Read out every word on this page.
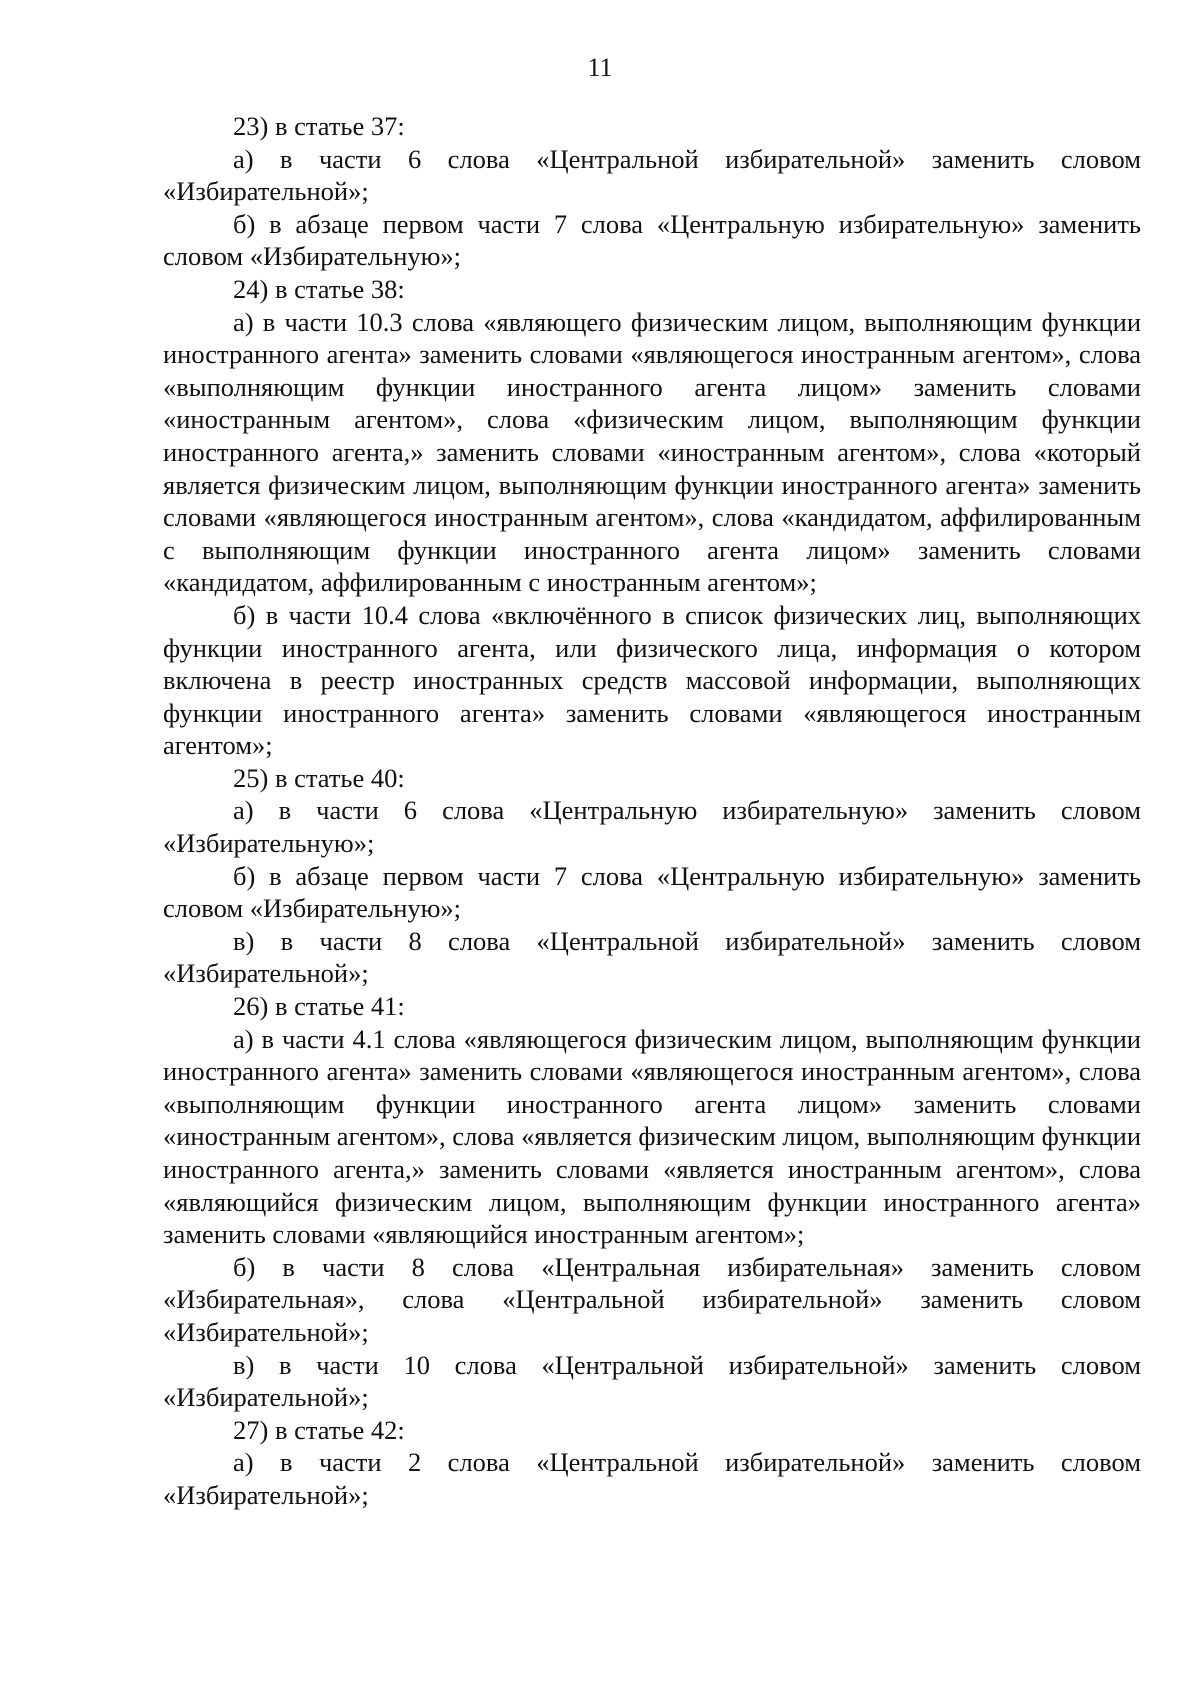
11

23) в статье 37:

а) в части 6 слова «Центральной избирательной» заменить словом «Избирательной»;

б) в абзаце первом части 7 слова «Центральную избирательную» заменить словом «Избирательную»;

24) в статье 38:

а) в части 10.3 слова «являющего физическим лицом, выполняющим функции иностранного агента» заменить словами «являющегося иностранным агентом», слова «выполняющим функции иностранного агента лицом» заменить словами «иностранным агентом», слова «физическим лицом, выполняющим функции иностранного агента,» заменить словами «иностранным агентом», слова «который является физическим лицом, выполняющим функции иностранного агента» заменить словами «являющегося иностранным агентом», слова «кандидатом, аффилированным с выполняющим функции иностранного агента лицом» заменить словами «кандидатом, аффилированным с иностранным агентом»;

б) в части 10.4 слова «включённого в список физических лиц, выполняющих функции иностранного агента, или физического лица, информация о котором включена в реестр иностранных средств массовой информации, выполняющих функции иностранного агента» заменить словами «являющегося иностранным агентом»;

25) в статье 40:

а) в части 6 слова «Центральную избирательную» заменить словом «Избирательную»;

б) в абзаце первом части 7 слова «Центральную избирательную» заменить словом «Избирательную»;

в) в части 8 слова «Центральной избирательной» заменить словом «Избирательной»;

26) в статье 41:

а) в части 4.1 слова «являющегося физическим лицом, выполняющим функции иностранного агента» заменить словами «являющегося иностранным агентом», слова «выполняющим функции иностранного агента лицом» заменить словами «иностранным агентом», слова «является физическим лицом, выполняющим функции иностранного агента,» заменить словами «является иностранным агентом», слова «являющийся физическим лицом, выполняющим функции иностранного агента» заменить словами «являющийся иностранным агентом»;

б) в части 8 слова «Центральная избирательная» заменить словом «Избирательная», слова «Центральной избирательной» заменить словом «Избирательной»;

в) в части 10 слова «Центральной избирательной» заменить словом «Избирательной»;

27) в статье 42:

а) в части 2 слова «Центральной избирательной» заменить словом «Избирательной»;
